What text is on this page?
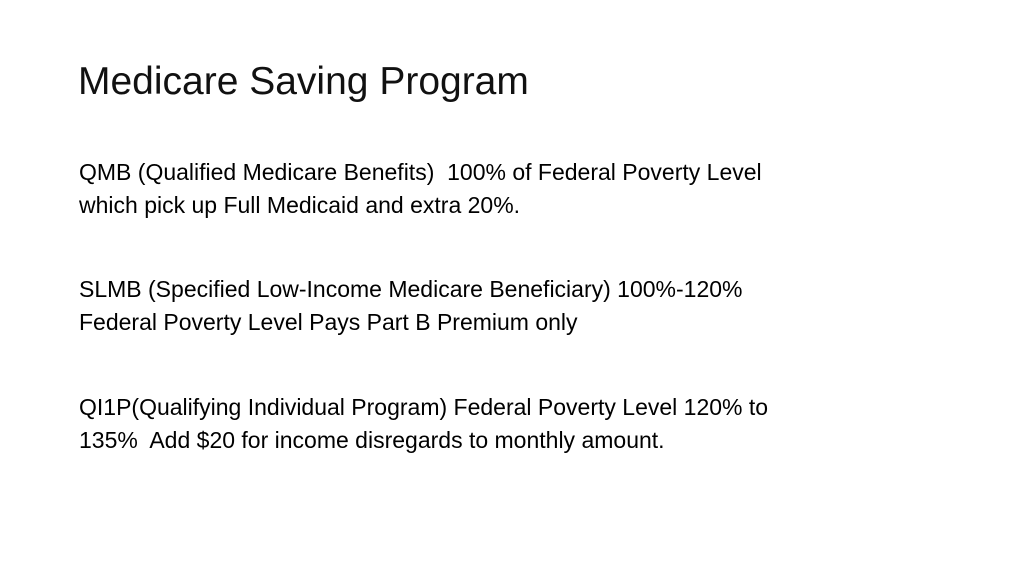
Medicare Saving Program
QMB (Qualified Medicare Benefits)  100% of Federal Poverty Level
which pick up Full Medicaid and extra 20%.
SLMB (Specified Low-Income Medicare Beneficiary) 100%-120%
Federal Poverty Level Pays Part B Premium only
QI1P(Qualifying Individual Program) Federal Poverty Level 120% to
135%  Add $20 for income disregards to monthly amount.
